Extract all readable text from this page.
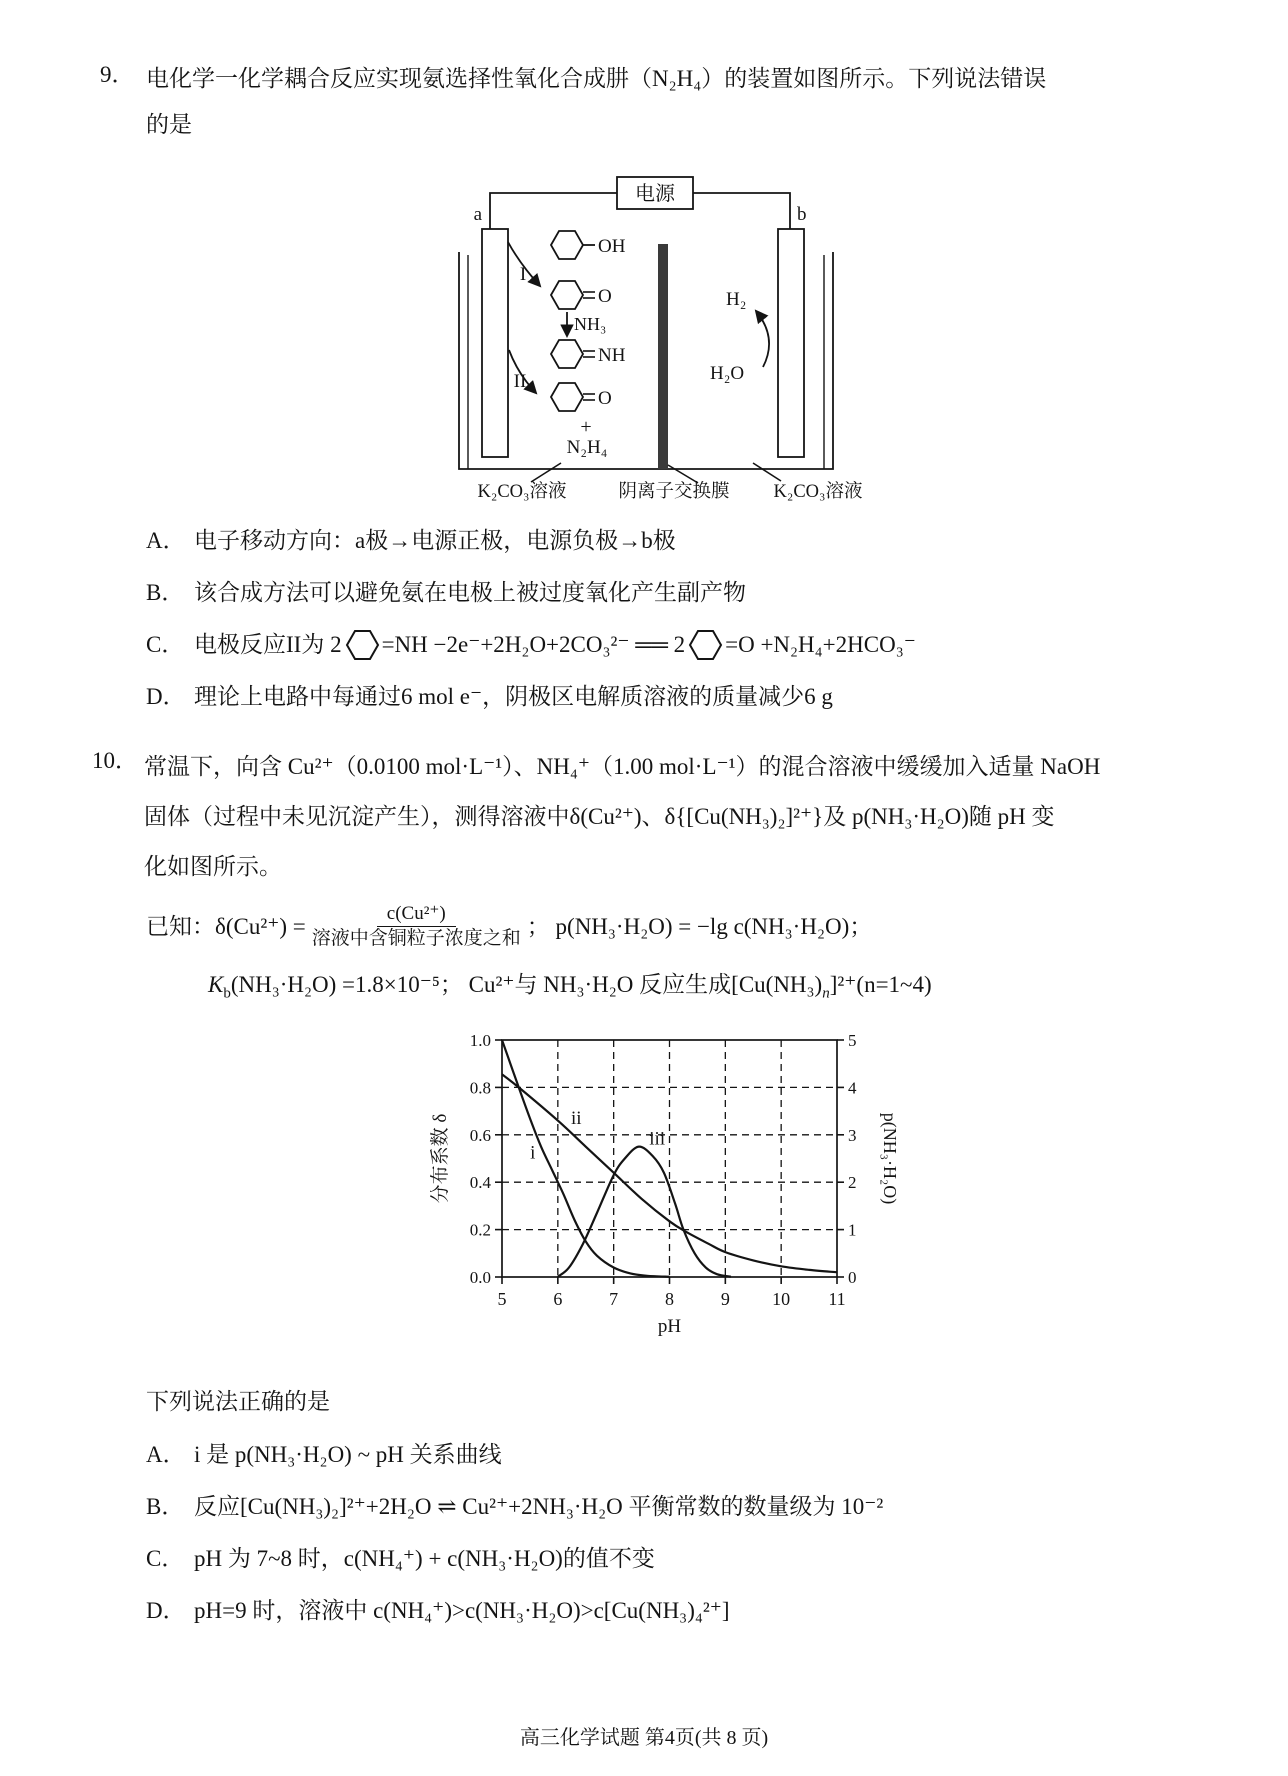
9． 电化学一化学耦合反应实现氨选择性氧化合成肼（N₂H₄）的装置如图所示。下列说法错误
的是
电源
a	b
OH
I
O
NH₃
NH
II
O
+
N₂H₄
H₂
H₂O
K₂CO₃溶液	阴离子交换膜 K₂CO₃溶液
A． 电子移动方向：a极→电源正极，电源负极→b极
B． 该合成方法可以避免氨在电极上被过度氧化产生副产物
C． 电极反应II为 2 =NH −2e⁻+2H₂O+2CO₃²⁻ ══ 2 =O +N₂H₄+2HCO₃⁻
D． 理论上电路中每通过6 mol e⁻，阴极区电解质溶液的质量减少6 g
10． 常温下，向含 Cu²⁺（0.0100 mol·L⁻¹）、NH₄⁺（1.00 mol·L⁻¹）的混合溶液中缓缓加入适量 NaOH
固体（过程中未见沉淀产生），测得溶液中δ(Cu²⁺)、δ{[Cu(NH₃)₂]²⁺}及 p(NH₃·H₂O)随 pH 变
化如图所示。
已知：$\delta(Cu^{2+}) = \frac{\text{c(Cu²⁺)}}{\text{溶液中含铜粒子浓度之和}}$ ； p(NH₃·H₂O) = −lg c(NH₃·H₂O)；
$K_b(NH_3\cdot H_2O) =1.8\times 10^{-5}$； Cu²⁺与 NH₃·H₂O 反应生成$[Cu(NH_3)_n]^{2+}(n=1\sim 4)$
0.0
0.2
0.4
0.6
0.8
1.0
0
1
2
3
4
5
5	6	7	8	9 10 11
pH
分布系数 δ	p(NH₃·H₂O)
i
ii
iii
下列说法正确的是
A． i 是 p(NH₃·H₂O) ~ pH 关系曲线
B． 反应[Cu(NH₃)₂]²⁺+2H₂O ⇌ Cu²⁺+2NH₃·H₂O 平衡常数的数量级为 10⁻²
C． pH 为 7~8 时，c(NH₄⁺) + c(NH₃·H₂O)的值不变
D． pH=9 时，溶液中 c(NH₄⁺)>c(NH₃·H₂O)>c[Cu(NH₃)₄²⁺]
高三化学试题 第4页(共 8 页)
